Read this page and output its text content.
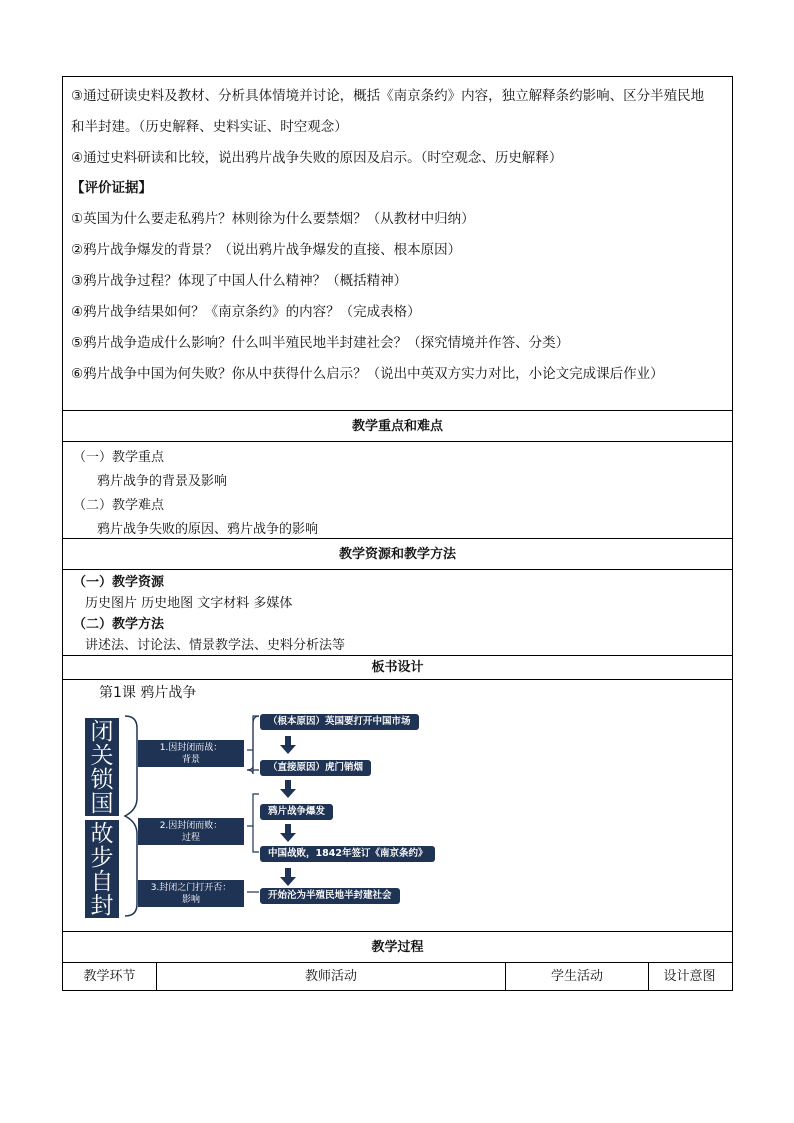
③通过研读史料及教材、分析具体情境并讨论，概括《南京条约》内容，独立解释条约影响、区分半殖民地

和半封建。（历史解释、史料实证、时空观念）

④通过史料研读和比较，说出鸦片战争失败的原因及启示。（时空观念、历史解释）

【评价证据】

①英国为什么要走私鸦片？林则徐为什么要禁烟？（从教材中归纳）

②鸦片战争爆发的背景？（说出鸦片战争爆发的直接、根本原因）

③鸦片战争过程？体现了中国人什么精神？（概括精神）

④鸦片战争结果如何？《南京条约》的内容？（完成表格）

⑤鸦片战争造成什么影响？什么叫半殖民地半封建社会？（探究情境并作答、分类）

⑥鸦片战争中国为何失败？你从中获得什么启示？（说出中英双方实力对比，小论文完成课后作业）

教学重点和难点
（一）教学重点
鸦片战争的背景及影响
（二）教学难点
鸦片战争失败的原因、鸦片战争的影响
教学资源和教学方法
（一）教学资源
历史图片 历史地图 文字材料 多媒体
（二）教学方法
讲述法、讨论法、情景教学法、史料分析法等
板书设计
第1课 鸦片战争
闭
关
锁
国
故
步
自
封
1.因封闭而战：
背景
2.因封闭而败：
过程
3.封闭之门打开否：
影响
（根本原因）英国要打开中国市场
（直接原因）虎门销烟
鸦片战争爆发
中国战败，1842年签订《南京条约》
开始沦为半殖民地半封建社会
教学过程
教学环节	教师活动	学生活动	设计意图
